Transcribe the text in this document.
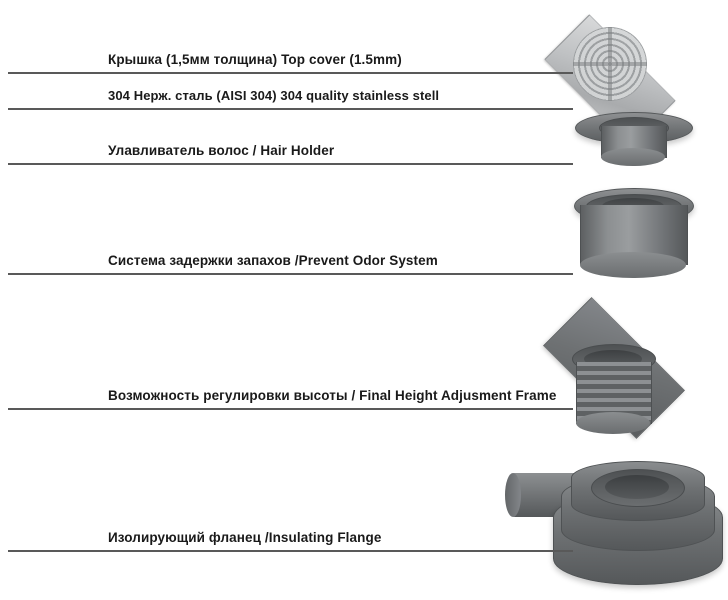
Крышка (1,5мм толщина) Top cover (1.5mm)
304 Нерж. сталь (AISI 304) 304 quality stainless stell
Улавливатель волос / Hair Holder
Система задержки запахов /Prevent Odor System
Возможность регулировки высоты / Final Height Adjusment Frame
Изолирующий фланец /Insulating Flange
